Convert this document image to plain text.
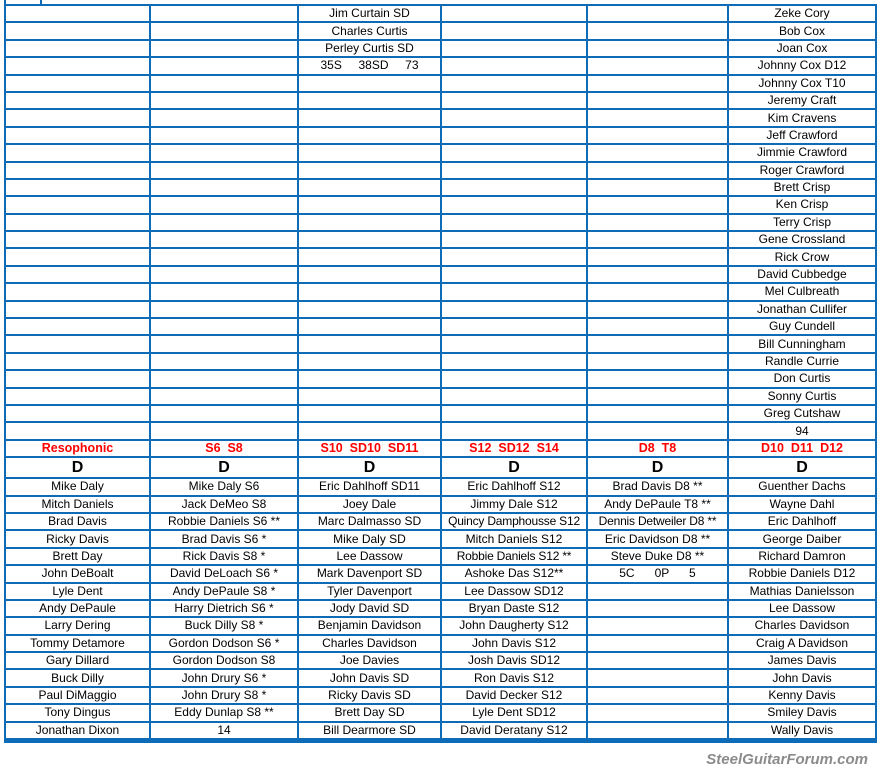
		Jim Curtain SD			Zeke Cory
		Charles Curtis			Bob Cox
		Perley Curtis SD			Joan Cox
		35S     38SD     73			Johnny Cox D12
					Johnny Cox T10
					Jeremy Craft
					Kim Cravens
					Jeff Crawford
					Jimmie Crawford
					Roger Crawford
					Brett Crisp
					Ken Crisp
					Terry Crisp
					Gene Crossland
					Rick Crow
					David Cubbedge
					Mel Culbreath
					Jonathan Cullifer
					Guy Cundell
					Bill Cunningham
					Randle Currie
					Don Curtis
					Sonny Curtis
					Greg Cutshaw
					94
Resophonic	S6  S8	S10  SD10  SD11	S12  SD12  S14	D8  T8	D10  D11  D12
D	D	D	D	D	D
Mike Daly	Mike Daly S6	Eric Dahlhoff SD11	Eric Dahlhoff S12	Brad Davis D8 **	Guenther Dachs
Mitch Daniels	Jack DeMeo S8	Joey Dale	Jimmy Dale S12	Andy DePaule T8 **	Wayne Dahl
Brad Davis	Robbie Daniels S6 **	Marc Dalmasso SD	Quincy Damphousse S12	Dennis Detweiler D8 **	Eric Dahlhoff
Ricky Davis	Brad Davis S6 *	Mike Daly SD	Mitch Daniels S12	Eric Davidson D8 **	George Daiber
Brett Day	Rick Davis S8 *	Lee Dassow	Robbie Daniels S12 **	Steve Duke D8 **	Richard Damron
John DeBoalt	David DeLoach S6 *	Mark Davenport SD	Ashoke Das S12**	5C      0P      5	Robbie Daniels D12
Lyle Dent	Andy DePaule S8 *	Tyler Davenport	Lee Dassow SD12		Mathias Danielsson
Andy DePaule	Harry Dietrich S6 *	Jody David SD	Bryan Daste S12		Lee Dassow
Larry Dering	Buck Dilly S8 *	Benjamin Davidson	John Daugherty S12		Charles Davidson
Tommy Detamore	Gordon Dodson S6 *	Charles Davidson	John Davis S12		Craig A Davidson
Gary Dillard	Gordon Dodson S8	Joe Davies	Josh Davis SD12		James Davis
Buck Dilly	John Drury S6 *	John Davis SD	Ron Davis S12		John Davis
Paul DiMaggio	John Drury S8 *	Ricky Davis SD	David Decker S12		Kenny Davis
Tony Dingus	Eddy Dunlap S8 **	Brett Day SD	Lyle Dent SD12		Smiley Davis
Jonathan Dixon	14	Bill Dearmore SD	David Deratany S12		Wally Davis
SteelGuitarForum.com
